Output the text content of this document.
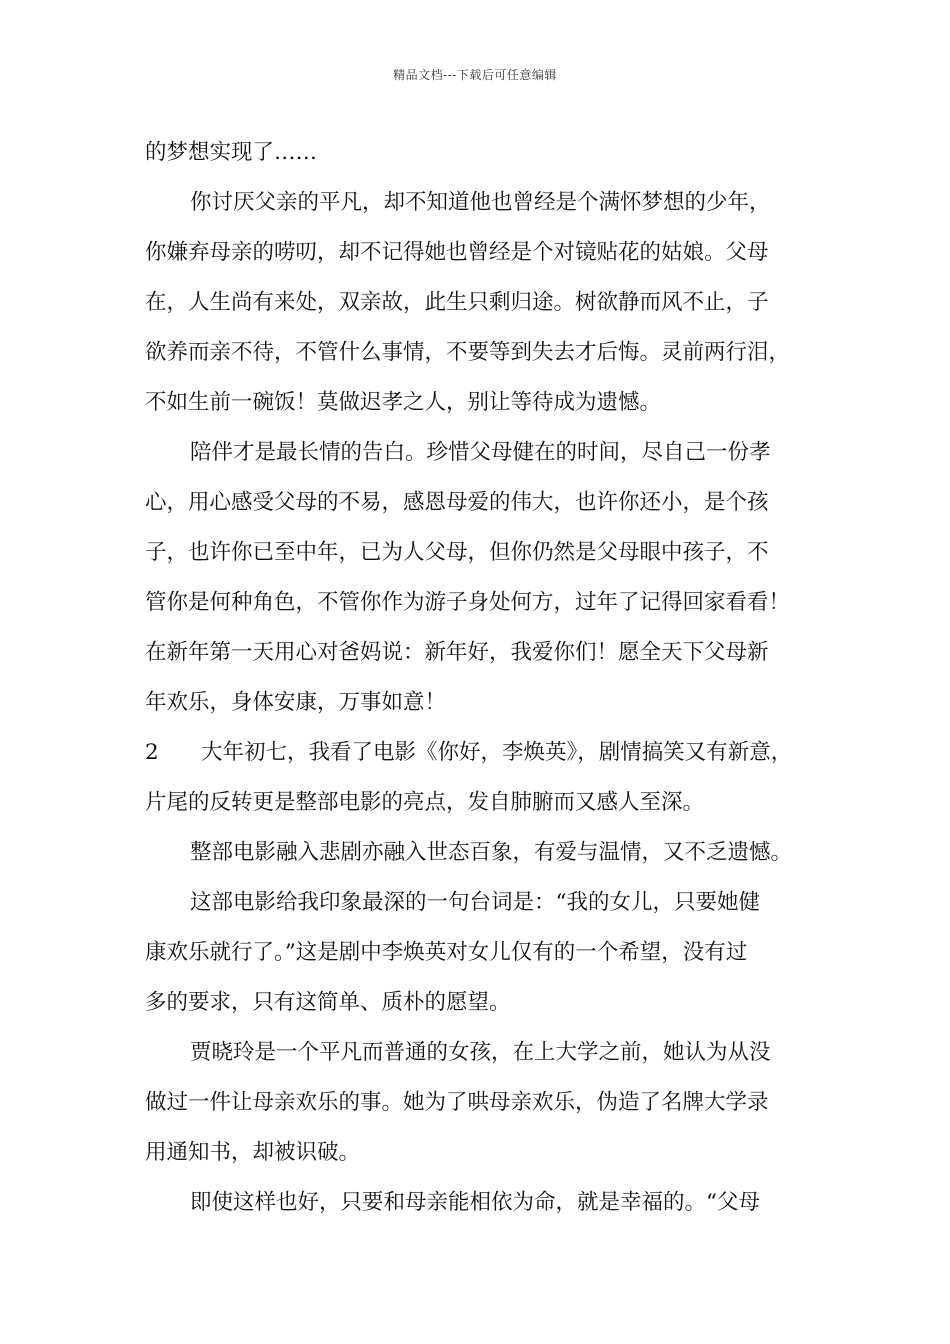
精品文档---下载后可任意编辑
的梦想实现了……
你讨厌父亲的平凡，却不知道他也曾经是个满怀梦想的少年，
你嫌弃母亲的唠叨，却不记得她也曾经是个对镜贴花的姑娘。父母
在，人生尚有来处，双亲故，此生只剩归途。树欲静而风不止，子
欲养而亲不待，不管什么事情，不要等到失去才后悔。灵前两行泪，
不如生前一碗饭！莫做迟孝之人，别让等待成为遗憾。
陪伴才是最长情的告白。珍惜父母健在的时间，尽自己一份孝
心，用心感受父母的不易，感恩母爱的伟大，也许你还小，是个孩
子，也许你已至中年，已为人父母，但你仍然是父母眼中孩子，不
管你是何种角色，不管你作为游子身处何方，过年了记得回家看看！
在新年第一天用心对爸妈说：新年好，我爱你们！愿全天下父母新
年欢乐，身体安康，万事如意！
2 大年初七，我看了电影《你好，李焕英》，剧情搞笑又有新意，
片尾的反转更是整部电影的亮点，发自肺腑而又感人至深。
整部电影融入悲剧亦融入世态百象，有爱与温情，又不乏遗憾。
这部电影给我印象最深的一句台词是：“我的女儿，只要她健
康欢乐就行了。”这是剧中李焕英对女儿仅有的一个希望，没有过
多的要求，只有这简单、质朴的愿望。
贾晓玲是一个平凡而普通的女孩，在上大学之前，她认为从没
做过一件让母亲欢乐的事。她为了哄母亲欢乐，伪造了名牌大学录
用通知书，却被识破。
即使这样也好，只要和母亲能相依为命，就是幸福的。“父母
